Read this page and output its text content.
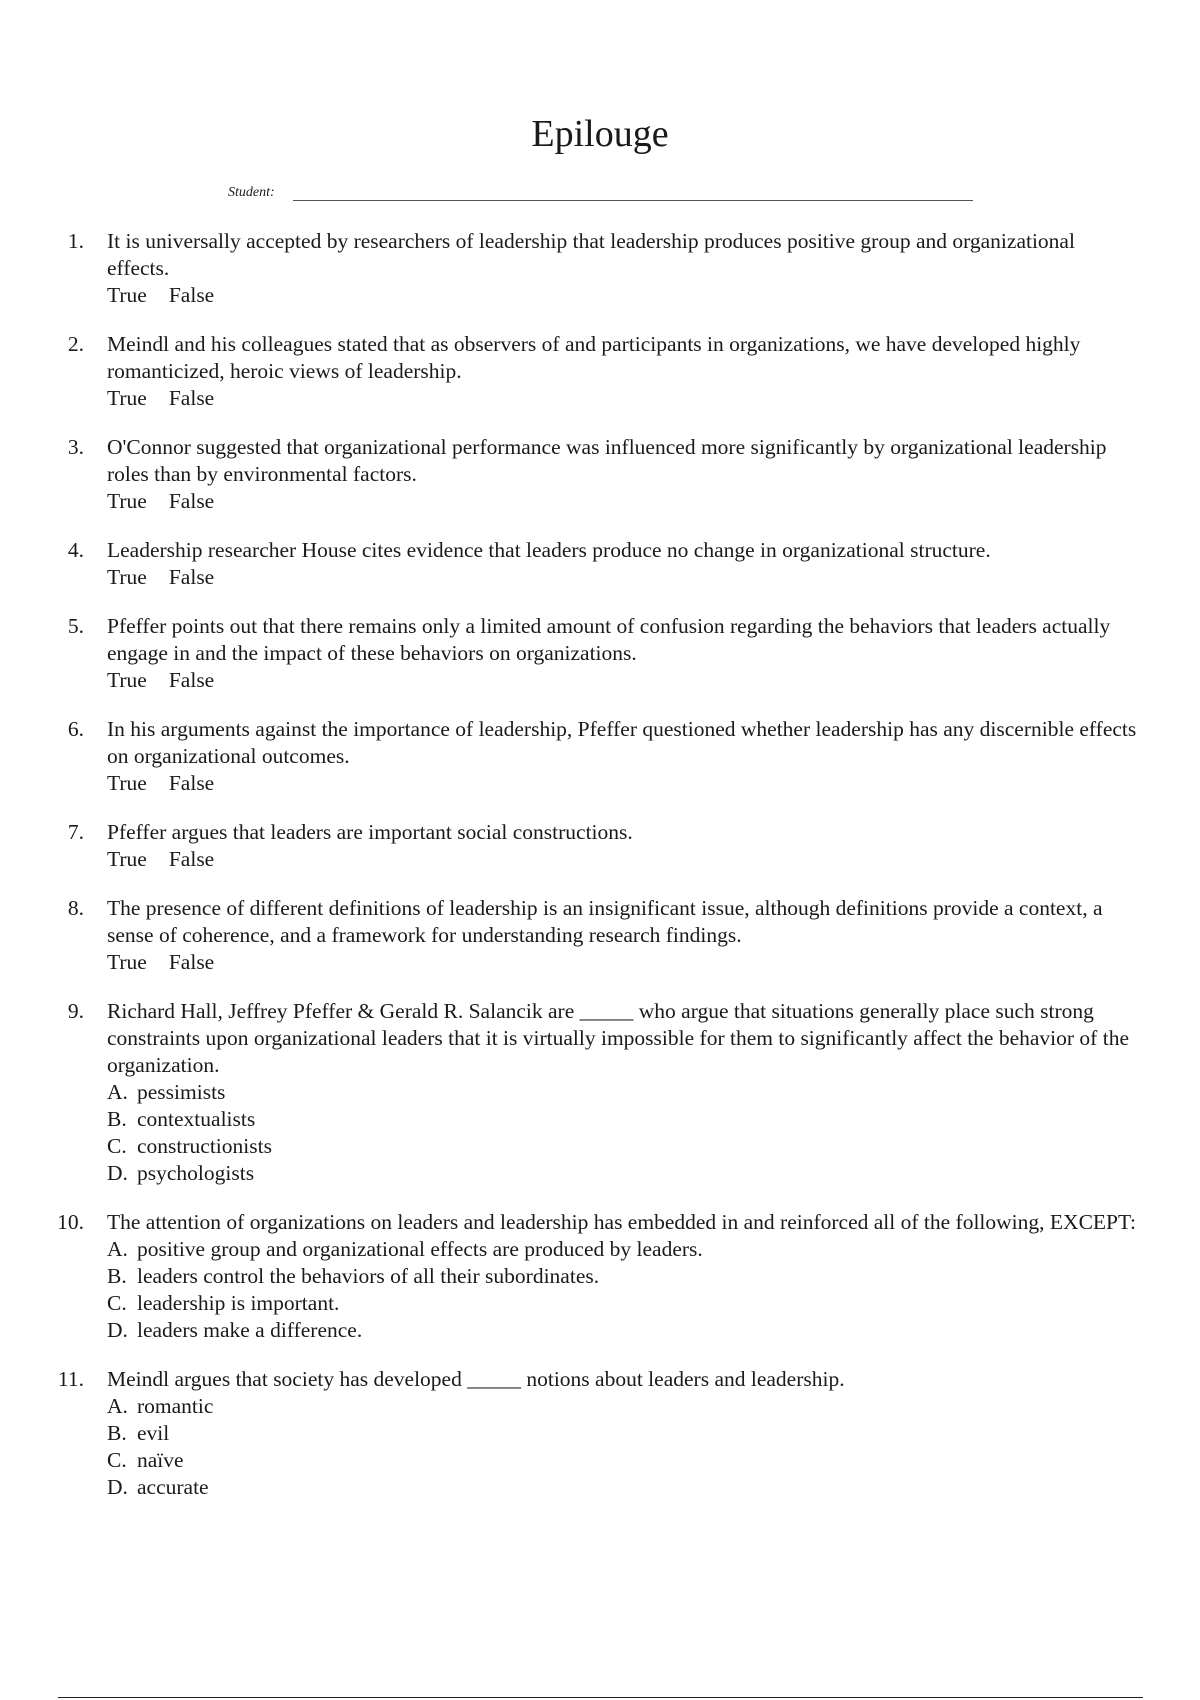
Epilouge
Student:
1. It is universally accepted by researchers of leadership that leadership produces positive group and organizational effects.
True False
2. Meindl and his colleagues stated that as observers of and participants in organizations, we have developed highly romanticized, heroic views of leadership.
True False
3. O'Connor suggested that organizational performance was influenced more significantly by organizational leadership roles than by environmental factors.
True False
4. Leadership researcher House cites evidence that leaders produce no change in organizational structure.
True False
5. Pfeffer points out that there remains only a limited amount of confusion regarding the behaviors that leaders actually engage in and the impact of these behaviors on organizations.
True False
6. In his arguments against the importance of leadership, Pfeffer questioned whether leadership has any discernible effects on organizational outcomes.
True False
7. Pfeffer argues that leaders are important social constructions.
True False
8. The presence of different definitions of leadership is an insignificant issue, although definitions provide a context, a sense of coherence, and a framework for understanding research findings.
True False
9. Richard Hall, Jeffrey Pfeffer & Gerald R. Salancik are _____ who argue that situations generally place such strong constraints upon organizational leaders that it is virtually impossible for them to significantly affect the behavior of the organization.
A. pessimists
B. contextualists
C. constructionists
D. psychologists
10. The attention of organizations on leaders and leadership has embedded in and reinforced all of the following, EXCEPT:
A. positive group and organizational effects are produced by leaders.
B. leaders control the behaviors of all their subordinates.
C. leadership is important.
D. leaders make a difference.
11. Meindl argues that society has developed _____ notions about leaders and leadership.
A. romantic
B. evil
C. naïve
D. accurate
